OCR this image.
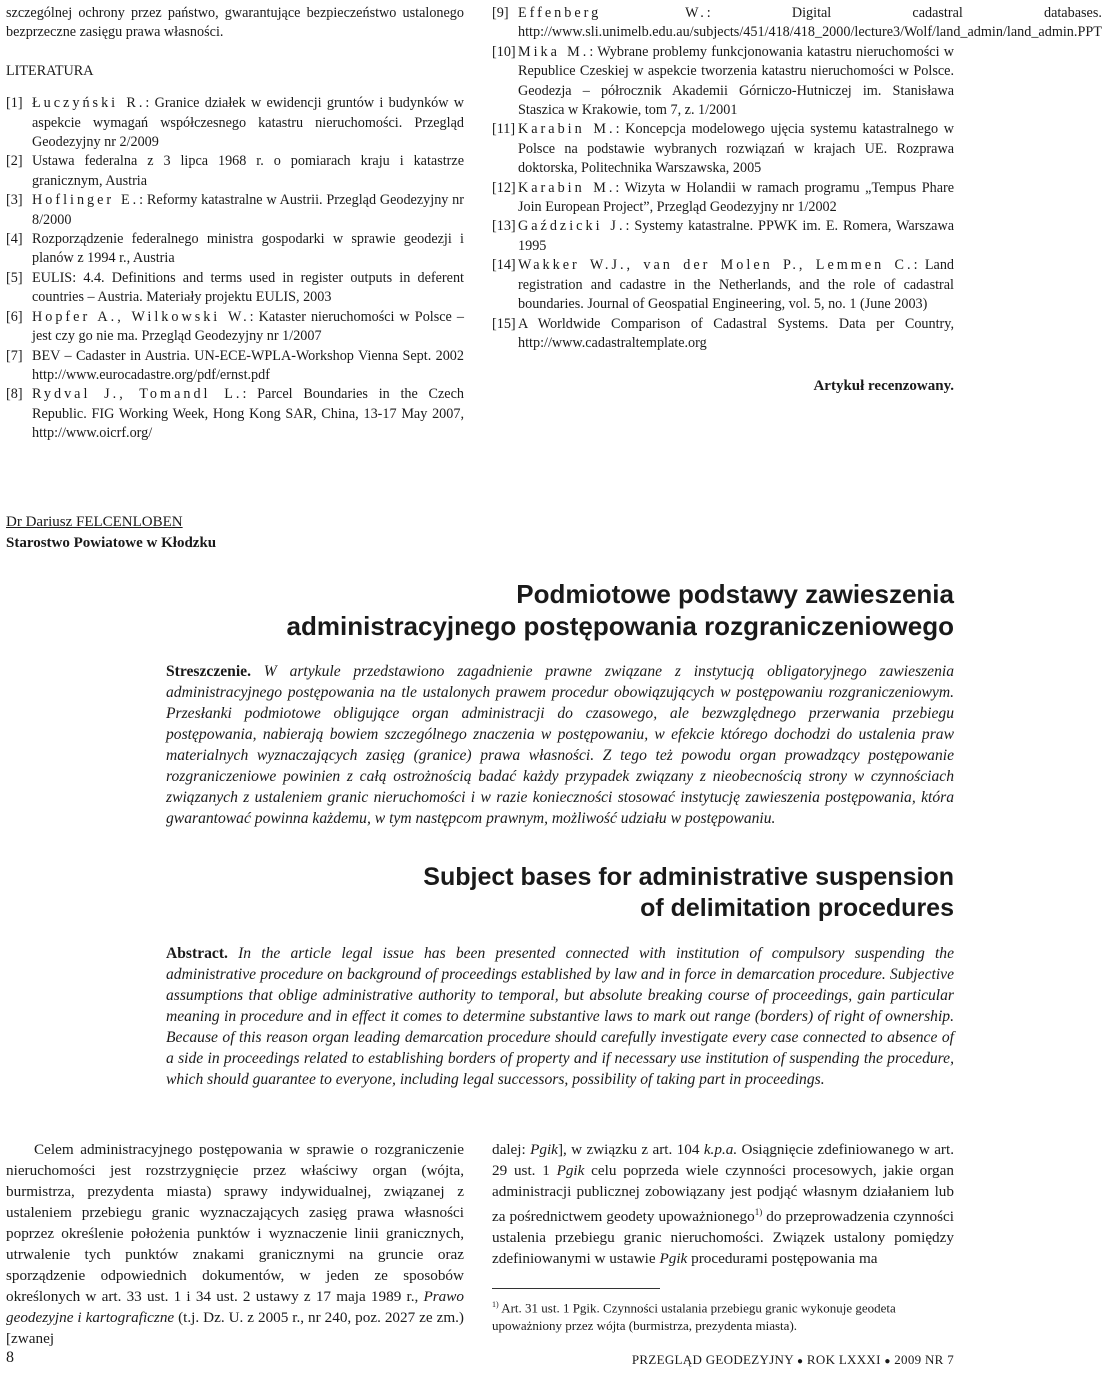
szczególnej ochrony przez państwo, gwarantujące bezpieczeństwo ustalonego bezprzeczne zasięgu prawa własności.

LITERATURA

[1] Łuczyński R.: Granice działek w ewidencji gruntów i budynków w aspekcie wymagań współczesnego katastru nieruchomości. Przegląd Geodezyjny nr 2/2009

[2] Ustawa federalna z 3 lipca 1968 r. o pomiarach kraju i katastrze granicznym, Austria

[3] Hoflinger E.: Reformy katastralne w Austrii. Przegląd Geodezyjny nr 8/2000

[4] Rozporządzenie federalnego ministra gospodarki w sprawie geodezji i planów z 1994 r., Austria

[5] EULIS: 4.4. Definitions and terms used in register outputs in deferent countries – Austria. Materiały projektu EULIS, 2003

[6] Hopfer A., Wilkowski W.: Kataster nieruchomości w Polsce – jest czy go nie ma. Przegląd Geodezyjny nr 1/2007

[7] BEV – Cadaster in Austria. UN-ECE-WPLA-Workshop Vienna Sept. 2002 http://www.eurocadastre.org/pdf/ernst.pdf

[8] Rydval J., Tomandl L.: Parcel Boundaries in the Czech Republic. FIG Working Week, Hong Kong SAR, China, 13-17 May 2007, http://www.oicrf.org/

[9] Effenberg W.: Digital cadastral databases. http://www.sli.unimelb.edu.au/subjects/451/418/418_2000/lecture3/Wolf/land_admin/land_admin.PPT

[10] Mika M.: Wybrane problemy funkcjonowania katastru nieruchomości w Republice Czeskiej w aspekcie tworzenia katastru nieruchomości w Polsce. Geodezja – półrocznik Akademii Górniczo-Hutniczej im. Stanisława Staszica w Krakowie, tom 7, z. 1/2001

[11] Karabin M.: Koncepcja modelowego ujęcia systemu katastralnego w Polsce na podstawie wybranych rozwiązań w krajach UE. Rozprawa doktorska, Politechnika Warszawska, 2005

[12] Karabin M.: Wizyta w Holandii w ramach programu „Tempus Phare Join European Project”, Przegląd Geodezyjny nr 1/2002

[13] Gaździcki J.: Systemy katastralne. PPWK im. E. Romera, Warszawa 1995

[14] Wakker W.J., van der Molen P., Lemmen C.: Land registration and cadastre in the Netherlands, and the role of cadastral boundaries. Journal of Geospatial Engineering, vol. 5, no. 1 (June 2003)

[15] A Worldwide Comparison of Cadastral Systems. Data per Country, http://www.cadastraltemplate.org

Artykuł recenzowany.

Dr Dariusz FELCENLOBEN
Starostwo Powiatowe w Kłodzku
Podmiotowe podstawy zawieszenia
administracyjnego postępowania rozgraniczeniowego
Streszczenie. W artykule przedstawiono zagadnienie prawne związane z instytucją obligatoryjnego zawieszenia administracyjnego postępowania na tle ustalonych prawem procedur obowiązujących w postępowaniu rozgraniczeniowym. Przesłanki podmiotowe obligujące organ administracji do czasowego, ale bezwzględnego przerwania przebiegu postępowania, nabierają bowiem szczególnego znaczenia w postępowaniu, w efekcie którego dochodzi do ustalenia praw materialnych wyznaczających zasięg (granice) prawa własności. Z tego też powodu organ prowadzący postępowanie rozgraniczeniowe powinien z całą ostrożnością badać każdy przypadek związany z nieobecnością strony w czynnościach związanych z ustaleniem granic nieruchomości i w razie konieczności stosować instytucję zawieszenia postępowania, która gwarantować powinna każdemu, w tym następcom prawnym, możliwość udziału w postępowaniu.
Subject bases for administrative suspension
of delimitation procedures
Abstract. In the article legal issue has been presented connected with institution of compulsory suspending the administrative procedure on background of proceedings established by law and in force in demarcation procedure. Subjective assumptions that oblige administrative authority to temporal, but absolute breaking course of proceedings, gain particular meaning in procedure and in effect it comes to determine substantive laws to mark out range (borders) of right of ownership. Because of this reason organ leading demarcation procedure should carefully investigate every case connected to absence of a side in proceedings related to establishing borders of property and if necessary use institution of suspending the procedure, which should guarantee to everyone, including legal successors, possibility of taking part in proceedings.
Celem administracyjnego postępowania w sprawie o rozgraniczenie nieruchomości jest rozstrzygnięcie przez właściwy organ (wójta, burmistrza, prezydenta miasta) sprawy indywidualnej, związanej z ustaleniem przebiegu granic wyznaczających zasięg prawa własności poprzez określenie położenia punktów i wyznaczenie linii granicznych, utrwalenie tych punktów znakami granicznymi na gruncie oraz sporządzenie odpowiednich dokumentów, w jeden ze sposobów określonych w art. 33 ust. 1 i 34 ust. 2 ustawy z 17 maja 1989 r., Prawo geodezyjne i kartograficzne (t.j. Dz. U. z 2005 r., nr 240, poz. 2027 ze zm.) [zwanej
dalej: Pgik], w związku z art. 104 k.p.a. Osiągnięcie zdefiniowanego w art. 29 ust. 1 Pgik celu poprzeda wiele czynności procesowych, jakie organ administracji publicznej zobowiązany jest podjąć własnym działaniem lub za pośrednictwem geodety upoważnionego$^{1)}$ do przeprowadzenia czynności ustalenia przebiegu granic nieruchomości. Związek ustalony pomiędzy zdefiniowanymi w ustawie Pgik procedurami postępowania ma
$^{1)}$ Art. 31 ust. 1 Pgik. Czynności ustalania przebiegu granic wykonuje geodeta upoważniony przez wójta (burmistrza, prezydenta miasta).
8	PRZEGLĄD GEODEZYJNY ● ROK LXXXI ● 2009 NR 7
